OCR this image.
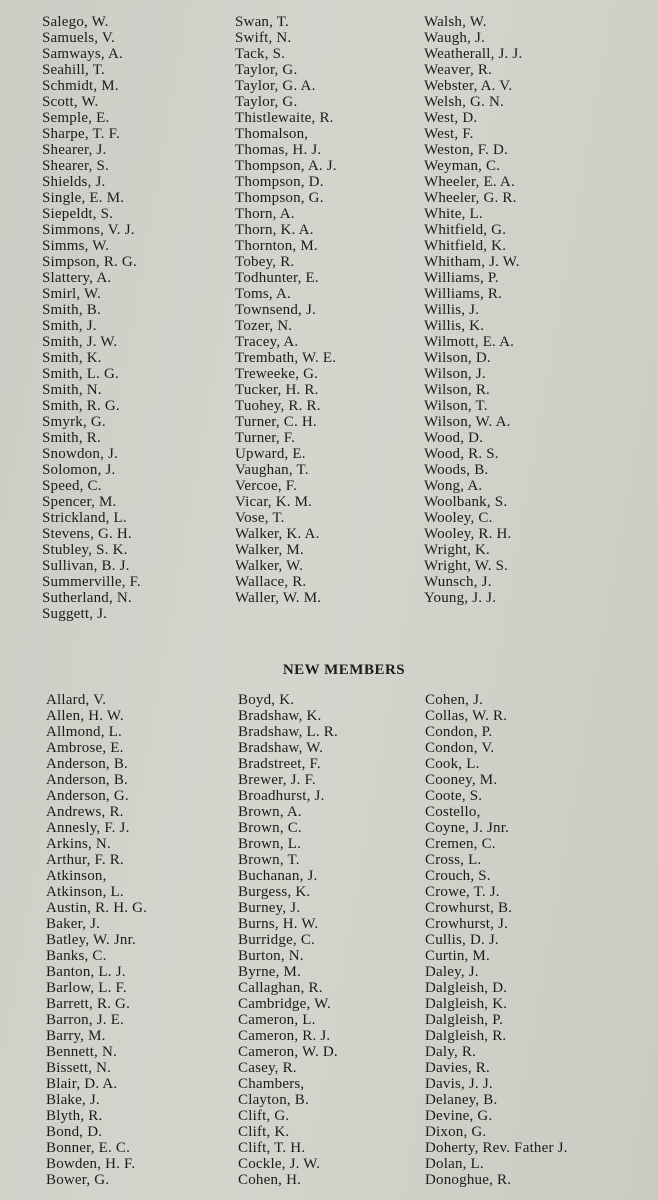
Salego, W.
Samuels, V.
Samways, A.
Seahill, T.
Schmidt, M.
Scott, W.
Semple, E.
Sharpe, T. F.
Shearer, J.
Shearer, S.
Shields, J.
Single, E. M.
Siepeldt, S.
Simmons, V. J.
Simms, W.
Simpson, R. G.
Slattery, A.
Smirl, W.
Smith, B.
Smith, J.
Smith, J. W.
Smith, K.
Smith, L. G.
Smith, N.
Smith, R. G.
Smyrk, G.
Smith, R.
Snowdon, J.
Solomon, J.
Speed, C.
Spencer, M.
Strickland, L.
Stevens, G. H.
Stubley, S. K.
Sullivan, B. J.
Summerville, F.
Sutherland, N.
Suggett, J.
Swan, T.
Swift, N.
Tack, S.
Taylor, G.
Taylor, G. A.
Taylor, G.
Thistlewaite, R.
Thomalson,
Thomas, H. J.
Thompson, A. J.
Thompson, D.
Thompson, G.
Thorn, A.
Thorn, K. A.
Thornton, M.
Tobey, R.
Todhunter, E.
Toms, A.
Townsend, J.
Tozer, N.
Tracey, A.
Trembath, W. E.
Treweeke, G.
Tucker, H. R.
Tuohey, R. R.
Turner, C. H.
Turner, F.
Upward, E.
Vaughan, T.
Vercoe, F.
Vicar, K. M.
Vose, T.
Walker, K. A.
Walker, M.
Walker, W.
Wallace, R.
Waller, W. M.
Walsh, W.
Waugh, J.
Weatherall, J. J.
Weaver, R.
Webster, A. V.
Welsh, G. N.
West, D.
West, F.
Weston, F. D.
Weyman, C.
Wheeler, E. A.
Wheeler, G. R.
White, L.
Whitfield, G.
Whitfield, K.
Whitham, J. W.
Williams, P.
Williams, R.
Willis, J.
Willis, K.
Wilmott, E. A.
Wilson, D.
Wilson, J.
Wilson, R.
Wilson, T.
Wilson, W. A.
Wood, D.
Wood, R. S.
Woods, B.
Wong, A.
Woolbank, S.
Wooley, C.
Wooley, R. H.
Wright, K.
Wright, W. S.
Wunsch, J.
Young, J. J.
NEW MEMBERS
Allard, V.
Allen, H. W.
Allmond, L.
Ambrose, E.
Anderson, B.
Anderson, B.
Anderson, G.
Andrews, R.
Annesly, F. J.
Arkins, N.
Arthur, F. R.
Atkinson,
Atkinson, L.
Austin, R. H. G.
Baker, J.
Batley, W. Jnr.
Banks, C.
Banton, L. J.
Barlow, L. F.
Barrett, R. G.
Barron, J. E.
Barry, M.
Bennett, N.
Bissett, N.
Blair, D. A.
Blake, J.
Blyth, R.
Bond, D.
Bonner, E. C.
Bowden, H. F.
Bower, G.
Boyd, K.
Bradshaw, K.
Bradshaw, L. R.
Bradshaw, W.
Bradstreet, F.
Brewer, J. F.
Broadhurst, J.
Brown, A.
Brown, C.
Brown, L.
Brown, T.
Buchanan, J.
Burgess, K.
Burney, J.
Burns, H. W.
Burridge, C.
Burton, N.
Byrne, M.
Callaghan, R.
Cambridge, W.
Cameron, L.
Cameron, R. J.
Cameron, W. D.
Casey, R.
Chambers,
Clayton, B.
Clift, G.
Clift, K.
Clift, T. H.
Cockle, J. W.
Cohen, H.
Cohen, J.
Collas, W. R.
Condon, P.
Condon, V.
Cook, L.
Cooney, M.
Coote, S.
Costello,
Coyne, J. Jnr.
Cremen, C.
Cross, L.
Crouch, S.
Crowe, T. J.
Crowhurst, B.
Crowhurst, J.
Cullis, D. J.
Curtin, M.
Daley, J.
Dalgleish, D.
Dalgleish, K.
Dalgleish, P.
Dalgleish, R.
Daly, R.
Davies, R.
Davis, J. J.
Delaney, B.
Devine, G.
Dixon, G.
Doherty, Rev. Father J.
Dolan, L.
Donoghue, R.
